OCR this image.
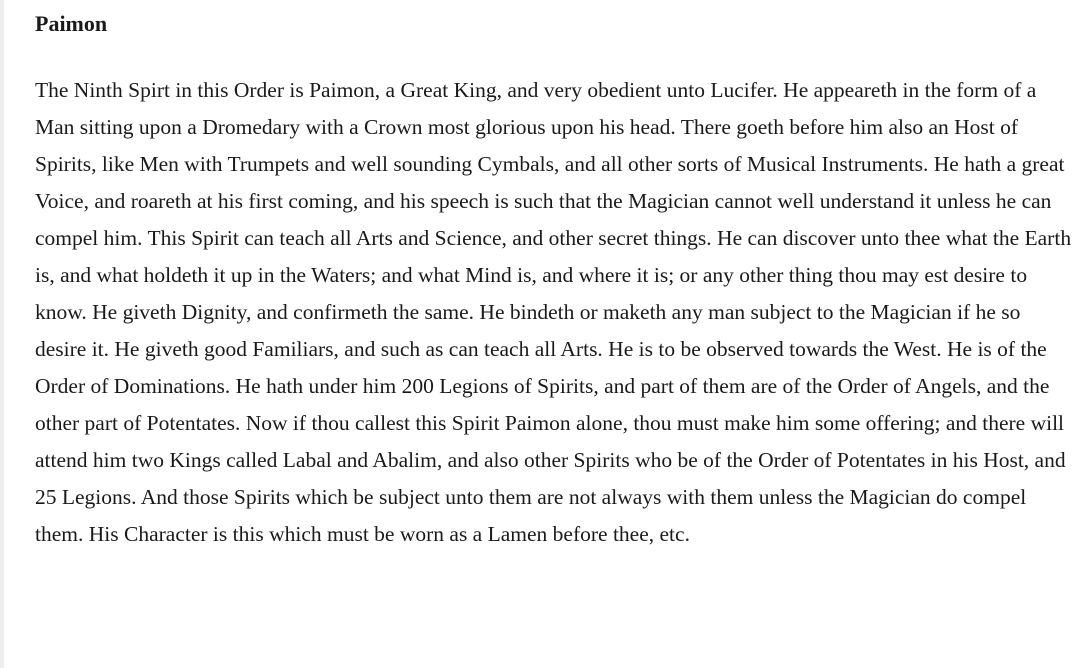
Paimon

The Ninth Spirt in this Order is Paimon, a Great King, and very obedient unto Lucifer. He appeareth in the form of a Man sitting upon a Dromedary with a Crown most glorious upon his head. There goeth before him also an Host of Spirits, like Men with Trumpets and well sounding Cymbals, and all other sorts of Musical Instruments. He hath a great Voice, and roareth at his first coming, and his speech is such that the Magician cannot well understand it unless he can compel him. This Spirit can teach all Arts and Science, and other secret things. He can discover unto thee what the Earth is, and what holdeth it up in the Waters; and what Mind is, and where it is; or any other thing thou may est desire to know. He giveth Dignity, and confirmeth the same. He bindeth or maketh any man subject to the Magician if he so desire it. He giveth good Familiars, and such as can teach all Arts. He is to be observed towards the West. He is of the Order of Dominations. He hath under him 200 Legions of Spirits, and part of them are of the Order of Angels, and the other part of Potentates. Now if thou callest this Spirit Paimon alone, thou must make him some offering; and there will attend him two Kings called Labal and Abalim, and also other Spirits who be of the Order of Potentates in his Host, and 25 Legions. And those Spirits which be subject unto them are not always with them unless the Magician do compel them. His Character is this which must be worn as a Lamen before thee, etc.
